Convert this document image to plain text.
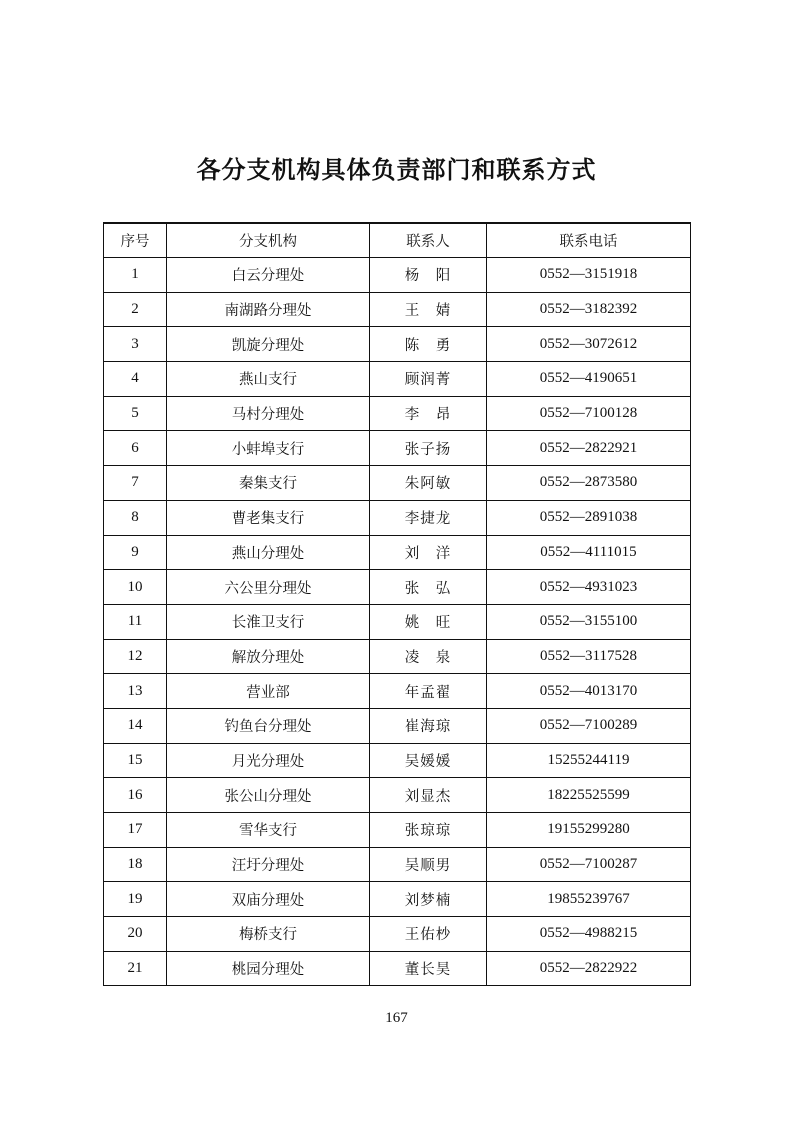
各分支机构具体负责部门和联系方式
序号	分支机构	联系人	联系电话
1	白云分理处	杨　阳	0552—3151918
2	南湖路分理处	王　婧	0552—3182392
3	凯旋分理处	陈　勇	0552—3072612
4	燕山支行	顾润菁	0552—4190651
5	马村分理处	李　昂	0552—7100128
6	小蚌埠支行	张子扬	0552—2822921
7	秦集支行	朱阿敏	0552—2873580
8	曹老集支行	李捷龙	0552—2891038
9	燕山分理处	刘　洋	0552—4111015
10	六公里分理处	张　弘	0552—4931023
11	长淮卫支行	姚　旺	0552—3155100
12	解放分理处	凌　泉	0552—3117528
13	营业部	年孟翟	0552—4013170
14	钓鱼台分理处	崔海琼	0552—7100289
15	月光分理处	吴媛媛	15255244119
16	张公山分理处	刘显杰	18225525599
17	雪华支行	张琼琼	19155299280
18	汪圩分理处	吴顺男	0552—7100287
19	双庙分理处	刘梦楠	19855239767
20	梅桥支行	王佑杪	0552—4988215
21	桃园分理处	董长昊	0552—2822922
167
